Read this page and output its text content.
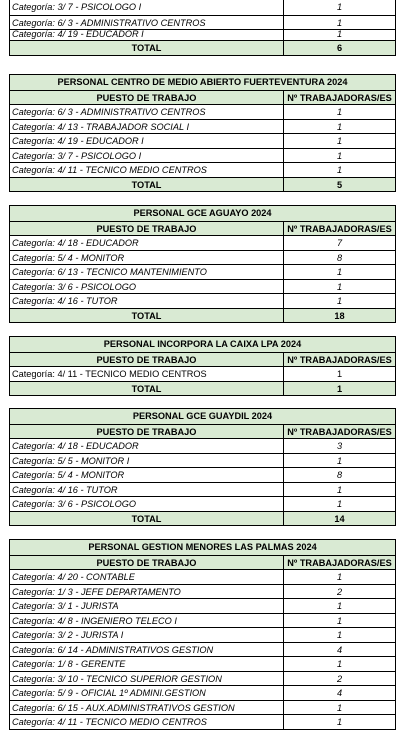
Categoría: 3/ 7 - PSICOLOGO I	1
Categoría: 6/ 3 - ADMINISTRATIVO CENTROS	1
Categoría: 4/ 19 - EDUCADOR I	1
TOTAL	6
PERSONAL CENTRO DE MEDIO ABIERTO FUERTEVENTURA 2024
PUESTO DE TRABAJO	Nº TRABAJADORAS/ES
Categoría: 6/ 3 - ADMINISTRATIVO CENTROS	1
Categoría: 4/ 13 - TRABAJADOR SOCIAL I	1
Categoría: 4/ 19 - EDUCADOR I	1
Categoría: 3/ 7 - PSICOLOGO I	1
Categoría: 4/ 11 - TECNICO MEDIO CENTROS	1
TOTAL	5
PERSONAL GCE AGUAYO 2024
PUESTO DE TRABAJO	Nº TRABAJADORAS/ES
Categoría: 4/ 18 - EDUCADOR	7
Categoría: 5/ 4 - MONITOR	8
Categoría: 6/ 13 - TECNICO MANTENIMIENTO	1
Categoría: 3/ 6 - PSICOLOGO	1
Categoría: 4/ 16 - TUTOR	1
TOTAL	18
PERSONAL INCORPORA LA CAIXA LPA 2024
PUESTO DE TRABAJO	Nº TRABAJADORAS/ES
Categoría: 4/ 11 - TECNICO MEDIO CENTROS	1
TOTAL	1
PERSONAL GCE GUAYDIL 2024
PUESTO DE TRABAJO	Nº TRABAJADORAS/ES
Categoría: 4/ 18 - EDUCADOR	3
Categoría: 5/ 5 - MONITOR I	1
Categoría: 5/ 4 - MONITOR	8
Categoría: 4/ 16 - TUTOR	1
Categoría: 3/ 6 - PSICOLOGO	1
TOTAL	14
PERSONAL GESTION MENORES LAS PALMAS 2024
PUESTO DE TRABAJO	Nº TRABAJADORAS/ES
Categoría: 4/ 20 - CONTABLE	1
Categoría: 1/ 3 - JEFE DEPARTAMENTO	2
Categoría: 3/ 1 - JURISTA	1
Categoría: 4/ 8 - INGENIERO TELECO I	1
Categoría: 3/ 2 - JURISTA I	1
Categoría: 6/ 14 - ADMINISTRATIVOS GESTION	4
Categoría: 1/ 8 - GERENTE	1
Categoría: 3/ 10 - TECNICO SUPERIOR GESTION	2
Categoría: 5/ 9 - OFICIAL 1º ADMINI.GESTION	4
Categoría: 6/ 15 - AUX.ADMINISTRATIVOS GESTION	1
Categoría: 4/ 11 - TECNICO MEDIO CENTROS	1
